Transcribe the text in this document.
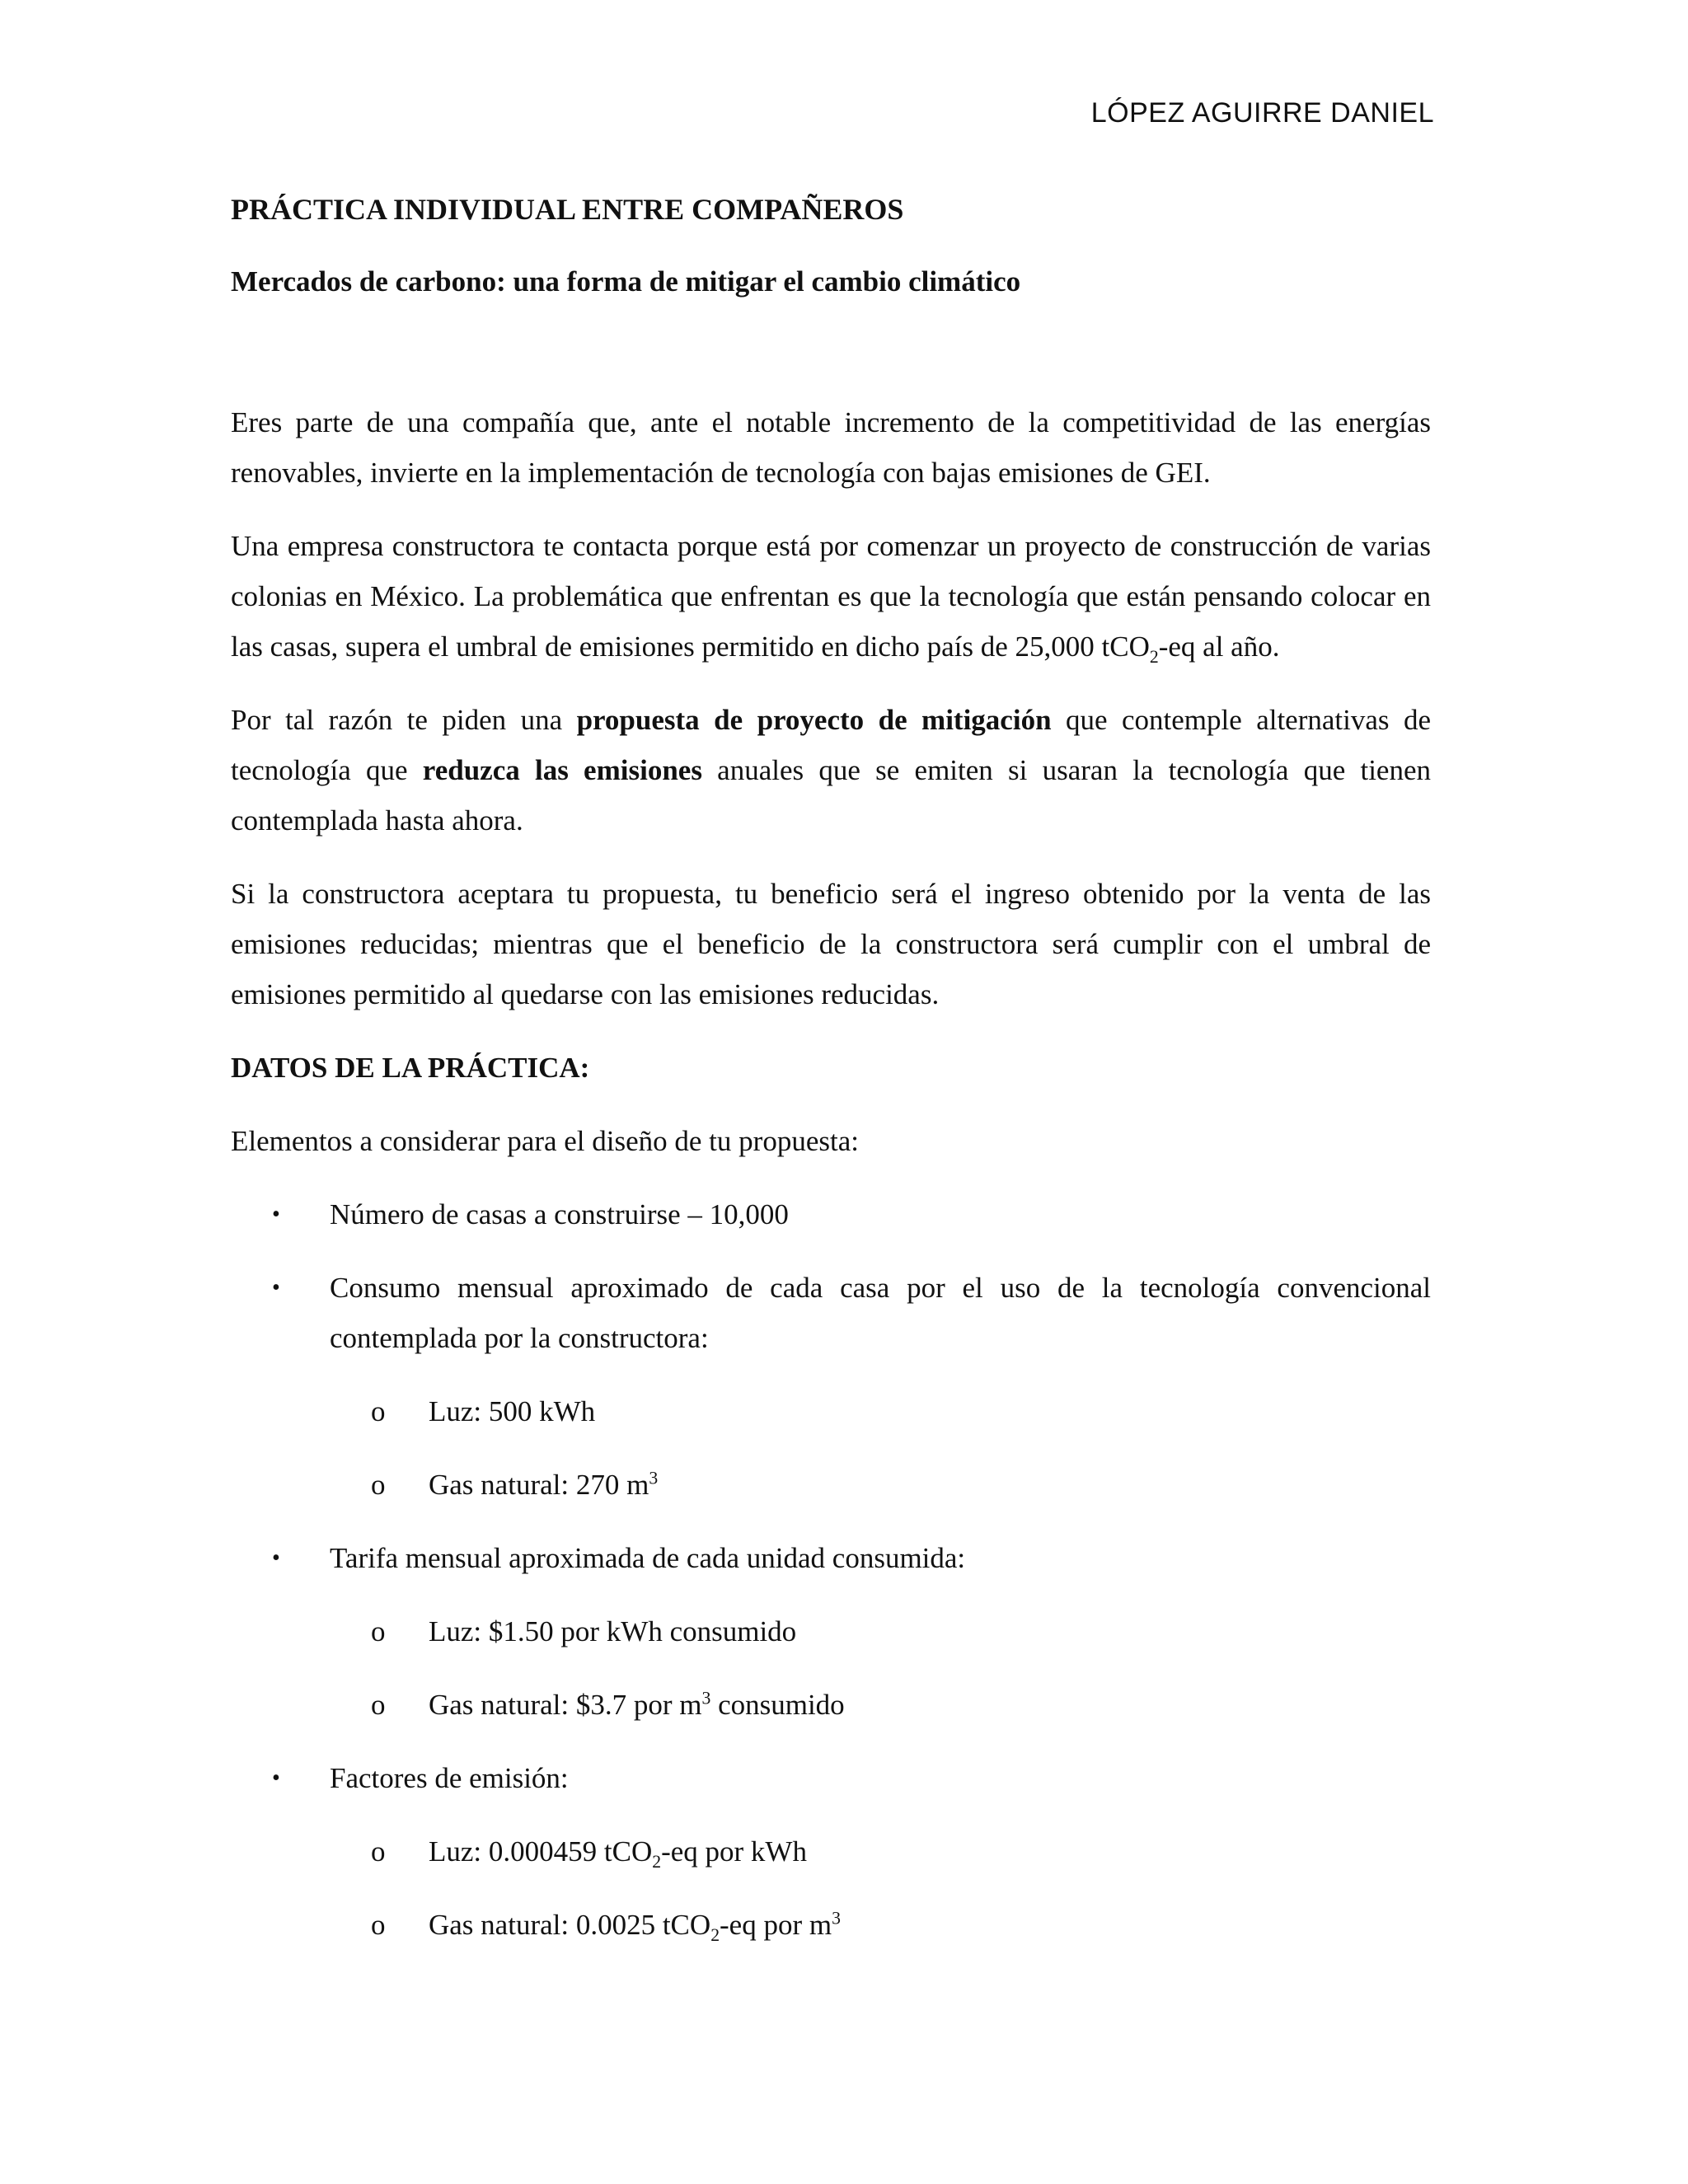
LÓPEZ AGUIRRE DANIEL
PRÁCTICA INDIVIDUAL ENTRE COMPAÑEROS
Mercados de carbono: una forma de mitigar el cambio climático

Eres parte de una compañía que, ante el notable incremento de la competitividad de las energías renovables, invierte en la implementación de tecnología con bajas emisiones de GEI.

Una empresa constructora te contacta porque está por comenzar un proyecto de construcción de varias colonias en México. La problemática que enfrentan es que la tecnología que están pensando colocar en las casas, supera el umbral de emisiones permitido en dicho país de 25,000 tCO$_2$-eq al año.

Por tal razón te piden una propuesta de proyecto de mitigación que contemple alternativas de tecnología que reduzca las emisiones anuales que se emiten si usaran la tecnología que tienen contemplada hasta ahora.

Si la constructora aceptara tu propuesta, tu beneficio será el ingreso obtenido por la venta de las emisiones reducidas; mientras que el beneficio de la constructora será cumplir con el umbral de emisiones permitido al quedarse con las emisiones reducidas.

DATOS DE LA PRÁCTICA:

Elementos a considerar para el diseño de tu propuesta:

• Número de casas a construirse – 10,000
• Consumo mensual aproximado de cada casa por el uso de la tecnología convencional contemplada por la constructora:
o Luz: 500 kWh
o Gas natural: 270 $m^3$
• Tarifa mensual aproximada de cada unidad consumida:
o Luz: $1.50 por kWh consumido
o Gas natural: $3.7 por $m^3$ consumido
• Factores de emisión:
o Luz: 0.000459 tCO$_2$-eq por kWh
o Gas natural: 0.0025 tCO$_2$-eq por $m^3$
